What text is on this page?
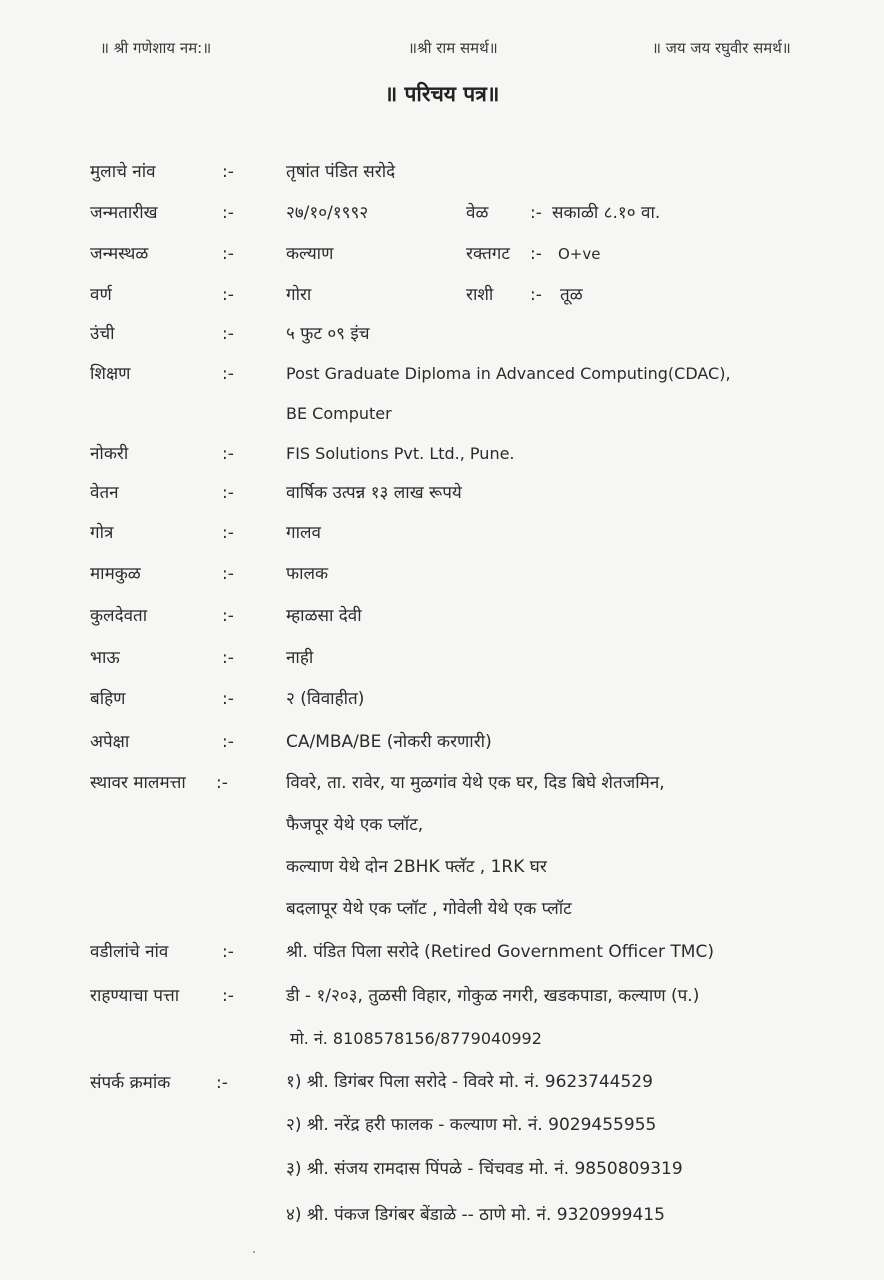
॥ श्री गणेशाय नम:॥	॥श्री राम समर्थ॥	॥ जय जय रघुवीर समर्थ॥
॥ परिचय पत्र॥
मुलाचे नांव	:-	तृषांत पंडित सरोदे
जन्मतारीख	:-	२७/१०/१९९२	वेळ :- सकाळी ८.१० वा.
जन्मस्थळ	:-	कल्याण	रक्तगट :- O+ve
वर्ण	:-	गोरा	राशी :- तूळ
उंची	:-	५ फुट ०९ इंच
शिक्षण	:-	Post Graduate Diploma in Advanced Computing(CDAC),
BE Computer
नोकरी	:-	FIS Solutions Pvt. Ltd., Pune.
वेतन	:-	वार्षिक उत्पन्न १३ लाख रूपये
गोत्र	:-	गालव
मामकुळ	:-	फालक
कुलदेवता	:-	म्हाळसा देवी
भाऊ	:-	नाही
बहिण	:-	२ (विवाहीत)
अपेक्षा	:-	CA/MBA/BE (नोकरी करणारी)
स्थावर मालमत्ता :-	विवरे, ता. रावेर, या मुळगांव येथे एक घर, दिड बिघे शेतजमिन,
फैजपूर येथे एक प्लॉट,
कल्याण येथे दोन 2BHK फ्लॅट , 1RK घर
बदलापूर येथे एक प्लॉट , गोवेली येथे एक प्लॉट
वडीलांचे नांव	:-	श्री. पंडित पिला सरोदे (Retired Government Officer TMC)
राहण्याचा पत्ता	:-	डी - १/२०३, तुळसी विहार, गोकुळ नगरी, खडकपाडा, कल्याण (प.)
मो. नं. 8108578156/8779040992
संपर्क क्रमांक	:-	१) श्री. डिगंबर पिला सरोदे - विवरे मो. नं. 9623744529
२) श्री. नरेंद्र हरी फालक - कल्याण मो. नं. 9029455955
३) श्री. संजय रामदास पिंपळे - चिंचवड मो. नं. 9850809319
४) श्री. पंकज डिगंबर बेंडाळे -- ठाणे मो. नं. 9320999415
